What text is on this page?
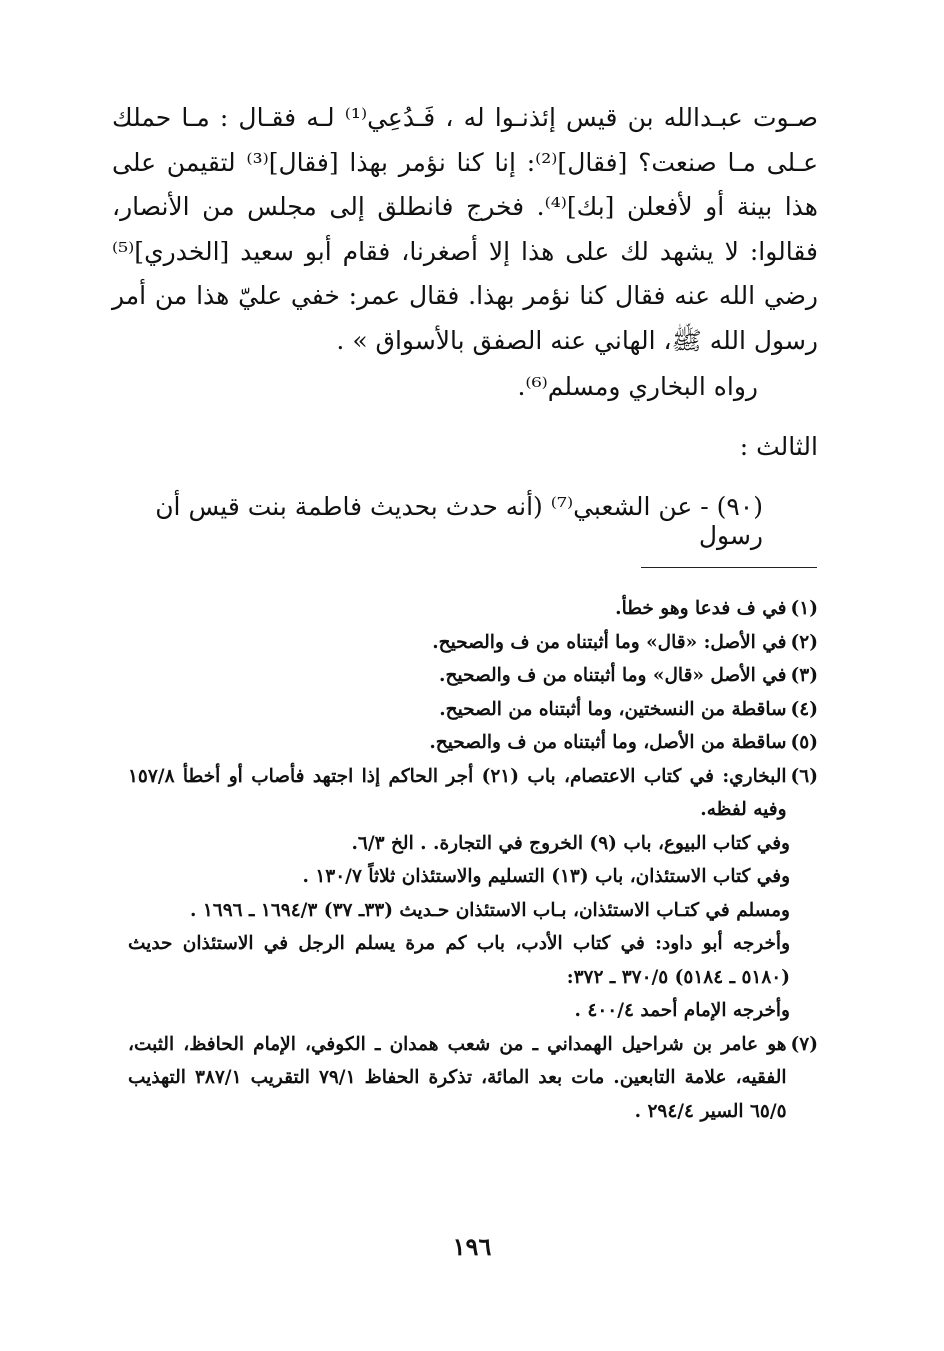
صـوت عبـدالله بن قيس إئذنـوا له ، فَـدُعِي⁽¹⁾ لـه فقـال : مـا حملك عـلى مـا صنعت؟ [فقال]⁽²⁾: إنا كنا نؤمر بهذا [فقال]⁽³⁾ لتقيمن على هذا بينة أو لأفعلن [بك]⁽⁴⁾. فخرج فانطلق إلى مجلس من الأنصار، فقالوا: لا يشهد لك على هذا إلا أصغرنا، فقام أبو سعيد [الخدري]⁽⁵⁾ رضي الله عنه فقال كنا نؤمر بهذا. فقال عمر: خفي عليّ هذا من أمر رسول الله ﷺ، الهاني عنه الصفق بالأسواق » .

رواه البخاري ومسلم⁽⁶⁾.

الثالث :

(٩٠) - عن الشعبي⁽⁷⁾ (أنه حدث بحديث فاطمة بنت قيس أن رسول

(١)
في ف فدعا وهو خطأ.
(٢)
في الأصل: «قال» وما أثبتناه من ف والصحيح.
(٣)
في الأصل «قال» وما أثبتناه من ف والصحيح.
(٤)
ساقطة من النسختين، وما أثبتناه من الصحيح.
(٥)
ساقطة من الأصل، وما أثبتناه من ف والصحيح.
(٦)
البخاري: في كتاب الاعتصام، باب (٢١) أجر الحاكم إذا اجتهد فأصاب أو أخطأ ١٥٧/٨ وفيه لفظه.

وفي كتاب البيوع، باب (٩) الخروج في التجارة. . الخ ٦/٣.

وفي كتاب الاستئذان، باب (١٣) التسليم والاستئذان ثلاثاً ١٣٠/٧ .

ومسلم في كتـاب الاستئذان، بـاب الاستئذان حـديث (٣٣ـ ٣٧) ١٦٩٤/٣ ـ ١٦٩٦ .

وأخرجه أبو داود: في كتاب الأدب، باب كم مرة يسلم الرجل في الاستئذان حديث (٥١٨٠ ـ ٥١٨٤) ٣٧٠/٥ ـ ٣٧٢:

وأخرجه الإمام أحمد ٤٠٠/٤ .

(٧)
هو عامر بن شراحيل الهمداني ـ من شعب همدان ـ الكوفي، الإمام الحافظ، الثبت، الفقيه، علامة التابعين. مات بعد المائة، تذكرة الحفاظ ٧٩/١ التقريب ٣٨٧/١ التهذيب ٦٥/٥ السير ٢٩٤/٤ .
١٩٦
